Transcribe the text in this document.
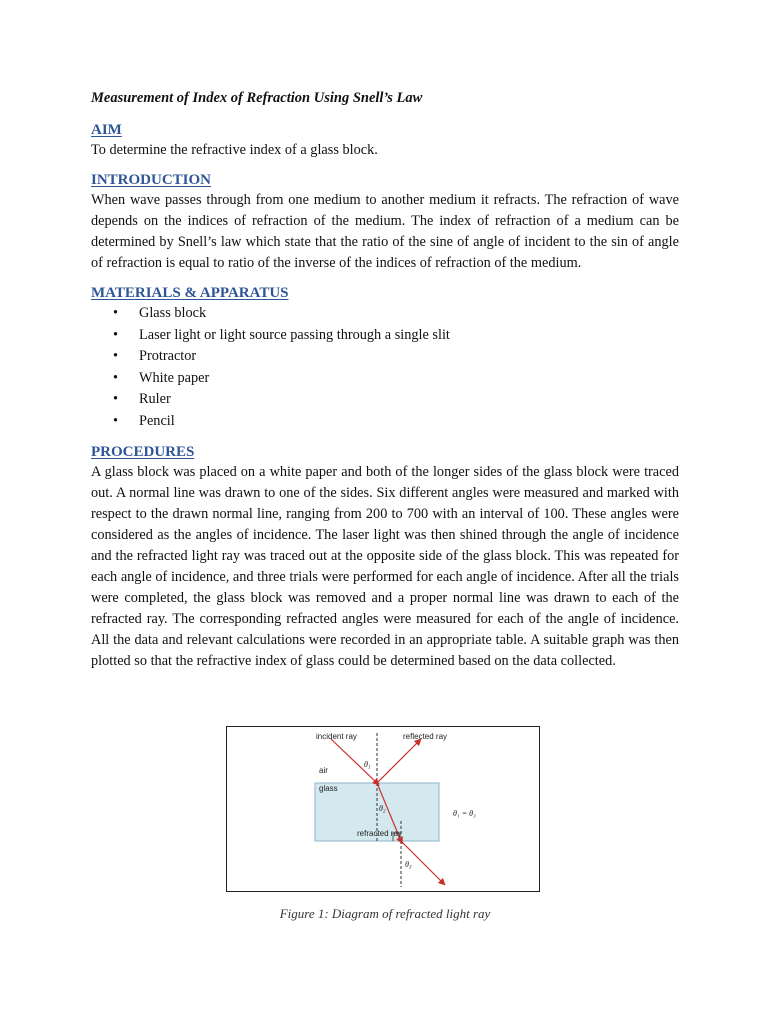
Measurement of Index of Refraction Using Snell’s Law

AIM

To determine the refractive index of a glass block.

INTRODUCTION

When wave passes through from one medium to another medium it refracts. The refraction of wave depends on the indices of refraction of the medium. The index of refraction of a medium can be determined by Snell’s law which state that the ratio of the sine of angle of incident to the sin of angle of refraction is equal to ratio of the inverse of the indices of refraction of the medium.

MATERIALS & APPARATUS

• Glass block
• Laser light or light source passing through a single slit
• Protractor
• White paper
• Ruler
• Pencil

PROCEDURES

A glass block was placed on a white paper and both of the longer sides of the glass block were traced out. A normal line was drawn to one of the sides. Six different angles were measured and marked with respect to the drawn normal line, ranging from 200 to 700 with an interval of 100. These angles were considered as the angles of incidence. The laser light was then shined through the angle of incidence and the refracted light ray was traced out at the opposite side of the glass block. This was repeated for each angle of incidence, and three trials were performed for each angle of incidence. After all the trials were completed, the glass block was removed and a proper normal line was drawn to each of the refracted ray. The corresponding refracted angles were measured for each of the angle of incidence. All the data and relevant calculations were recorded in an appropriate table. A suitable graph was then plotted so that the refractive index of glass could be determined based on the data collected.

incident ray	reflected ray
air
glass
refracted ray
θ1
θ2
θ3
θ₁ = θ₃
Figure 1: Diagram of refracted light ray
